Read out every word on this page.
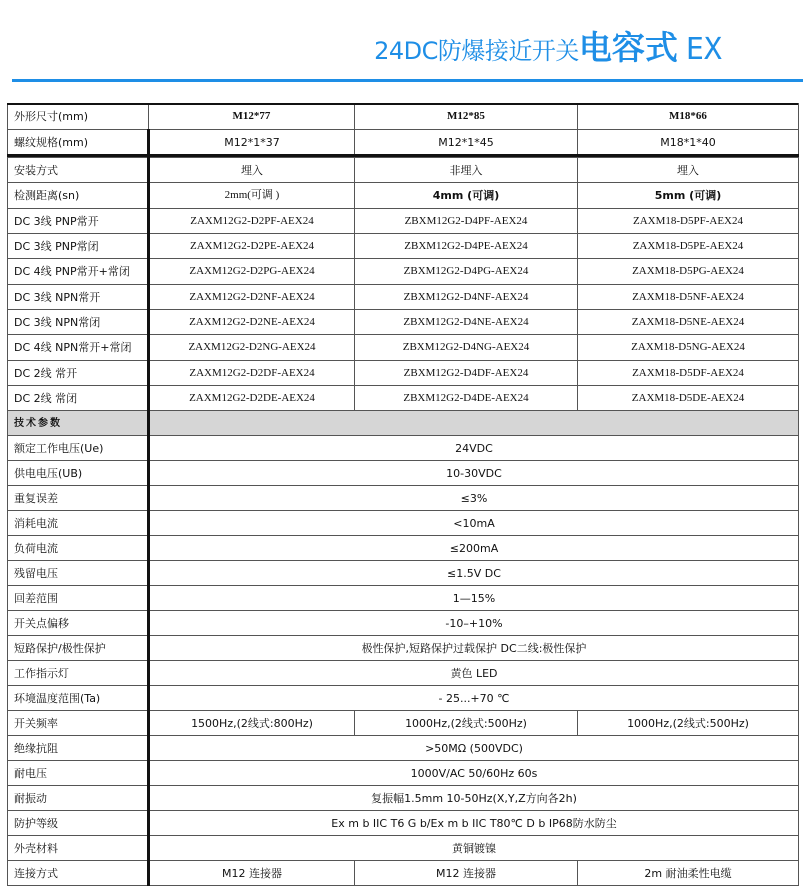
24DC防爆接近开关电容式 EX
外形尺寸(mm)	M12*77	M12*85	M18*66
螺纹规格(mm)	M12*1*37	M12*1*45	M18*1*40

安装方式	埋入	非埋入	埋入
检测距离(sn)	2mm(可调 )	4mm (可调)	5mm (可调)
DC 3线 PNP常开	ZAXM12G2-D2PF-AEX24	ZBXM12G2-D4PF-AEX24	ZAXM18-D5PF-AEX24
DC 3线 PNP常闭	ZAXM12G2-D2PE-AEX24	ZBXM12G2-D4PE-AEX24	ZAXM18-D5PE-AEX24
DC 4线 PNP常开+常闭	ZAXM12G2-D2PG-AEX24	ZBXM12G2-D4PG-AEX24	ZAXM18-D5PG-AEX24
DC 3线 NPN常开	ZAXM12G2-D2NF-AEX24	ZBXM12G2-D4NF-AEX24	ZAXM18-D5NF-AEX24
DC 3线 NPN常闭	ZAXM12G2-D2NE-AEX24	ZBXM12G2-D4NE-AEX24	ZAXM18-D5NE-AEX24
DC 4线 NPN常开+常闭	ZAXM12G2-D2NG-AEX24	ZBXM12G2-D4NG-AEX24	ZAXM18-D5NG-AEX24
DC 2线 常开	ZAXM12G2-D2DF-AEX24	ZBXM12G2-D4DF-AEX24	ZAXM18-D5DF-AEX24
DC 2线 常闭	ZAXM12G2-D2DE-AEX24	ZBXM12G2-D4DE-AEX24	ZAXM18-D5DE-AEX24
技术参数			
额定工作电压(Ue)	24VDC		
供电电压(UB)	10-30VDC		
重复误差	≤3%		
消耗电流	<10mA		
负荷电流	≤200mA		
残留电压	≤1.5V DC		
回差范围	1—15%		
开关点偏移	-10–+10%		
短路保护/极性保护	极性保护,短路保护过载保护 DC二线:极性保护		
工作指示灯	黄色 LED		
环境温度范围(Ta)	- 25...+70 ℃		
开关频率	1500Hz,(2线式:800Hz)	1000Hz,(2线式:500Hz)	1000Hz,(2线式:500Hz)
绝缘抗阻	>50MΩ (500VDC)		
耐电压	1000V/AC 50/60Hz 60s		
耐振动	复振幅1.5mm 10-50Hz(X,Y,Z方向各2h)		
防护等级	Ex m b IIC T6 G b/Ex m b IIC T80℃ D b IP68防水防尘		
外壳材料	黄铜镀镍		
连接方式	M12 连接器	M12 连接器	2m 耐油柔性电缆
